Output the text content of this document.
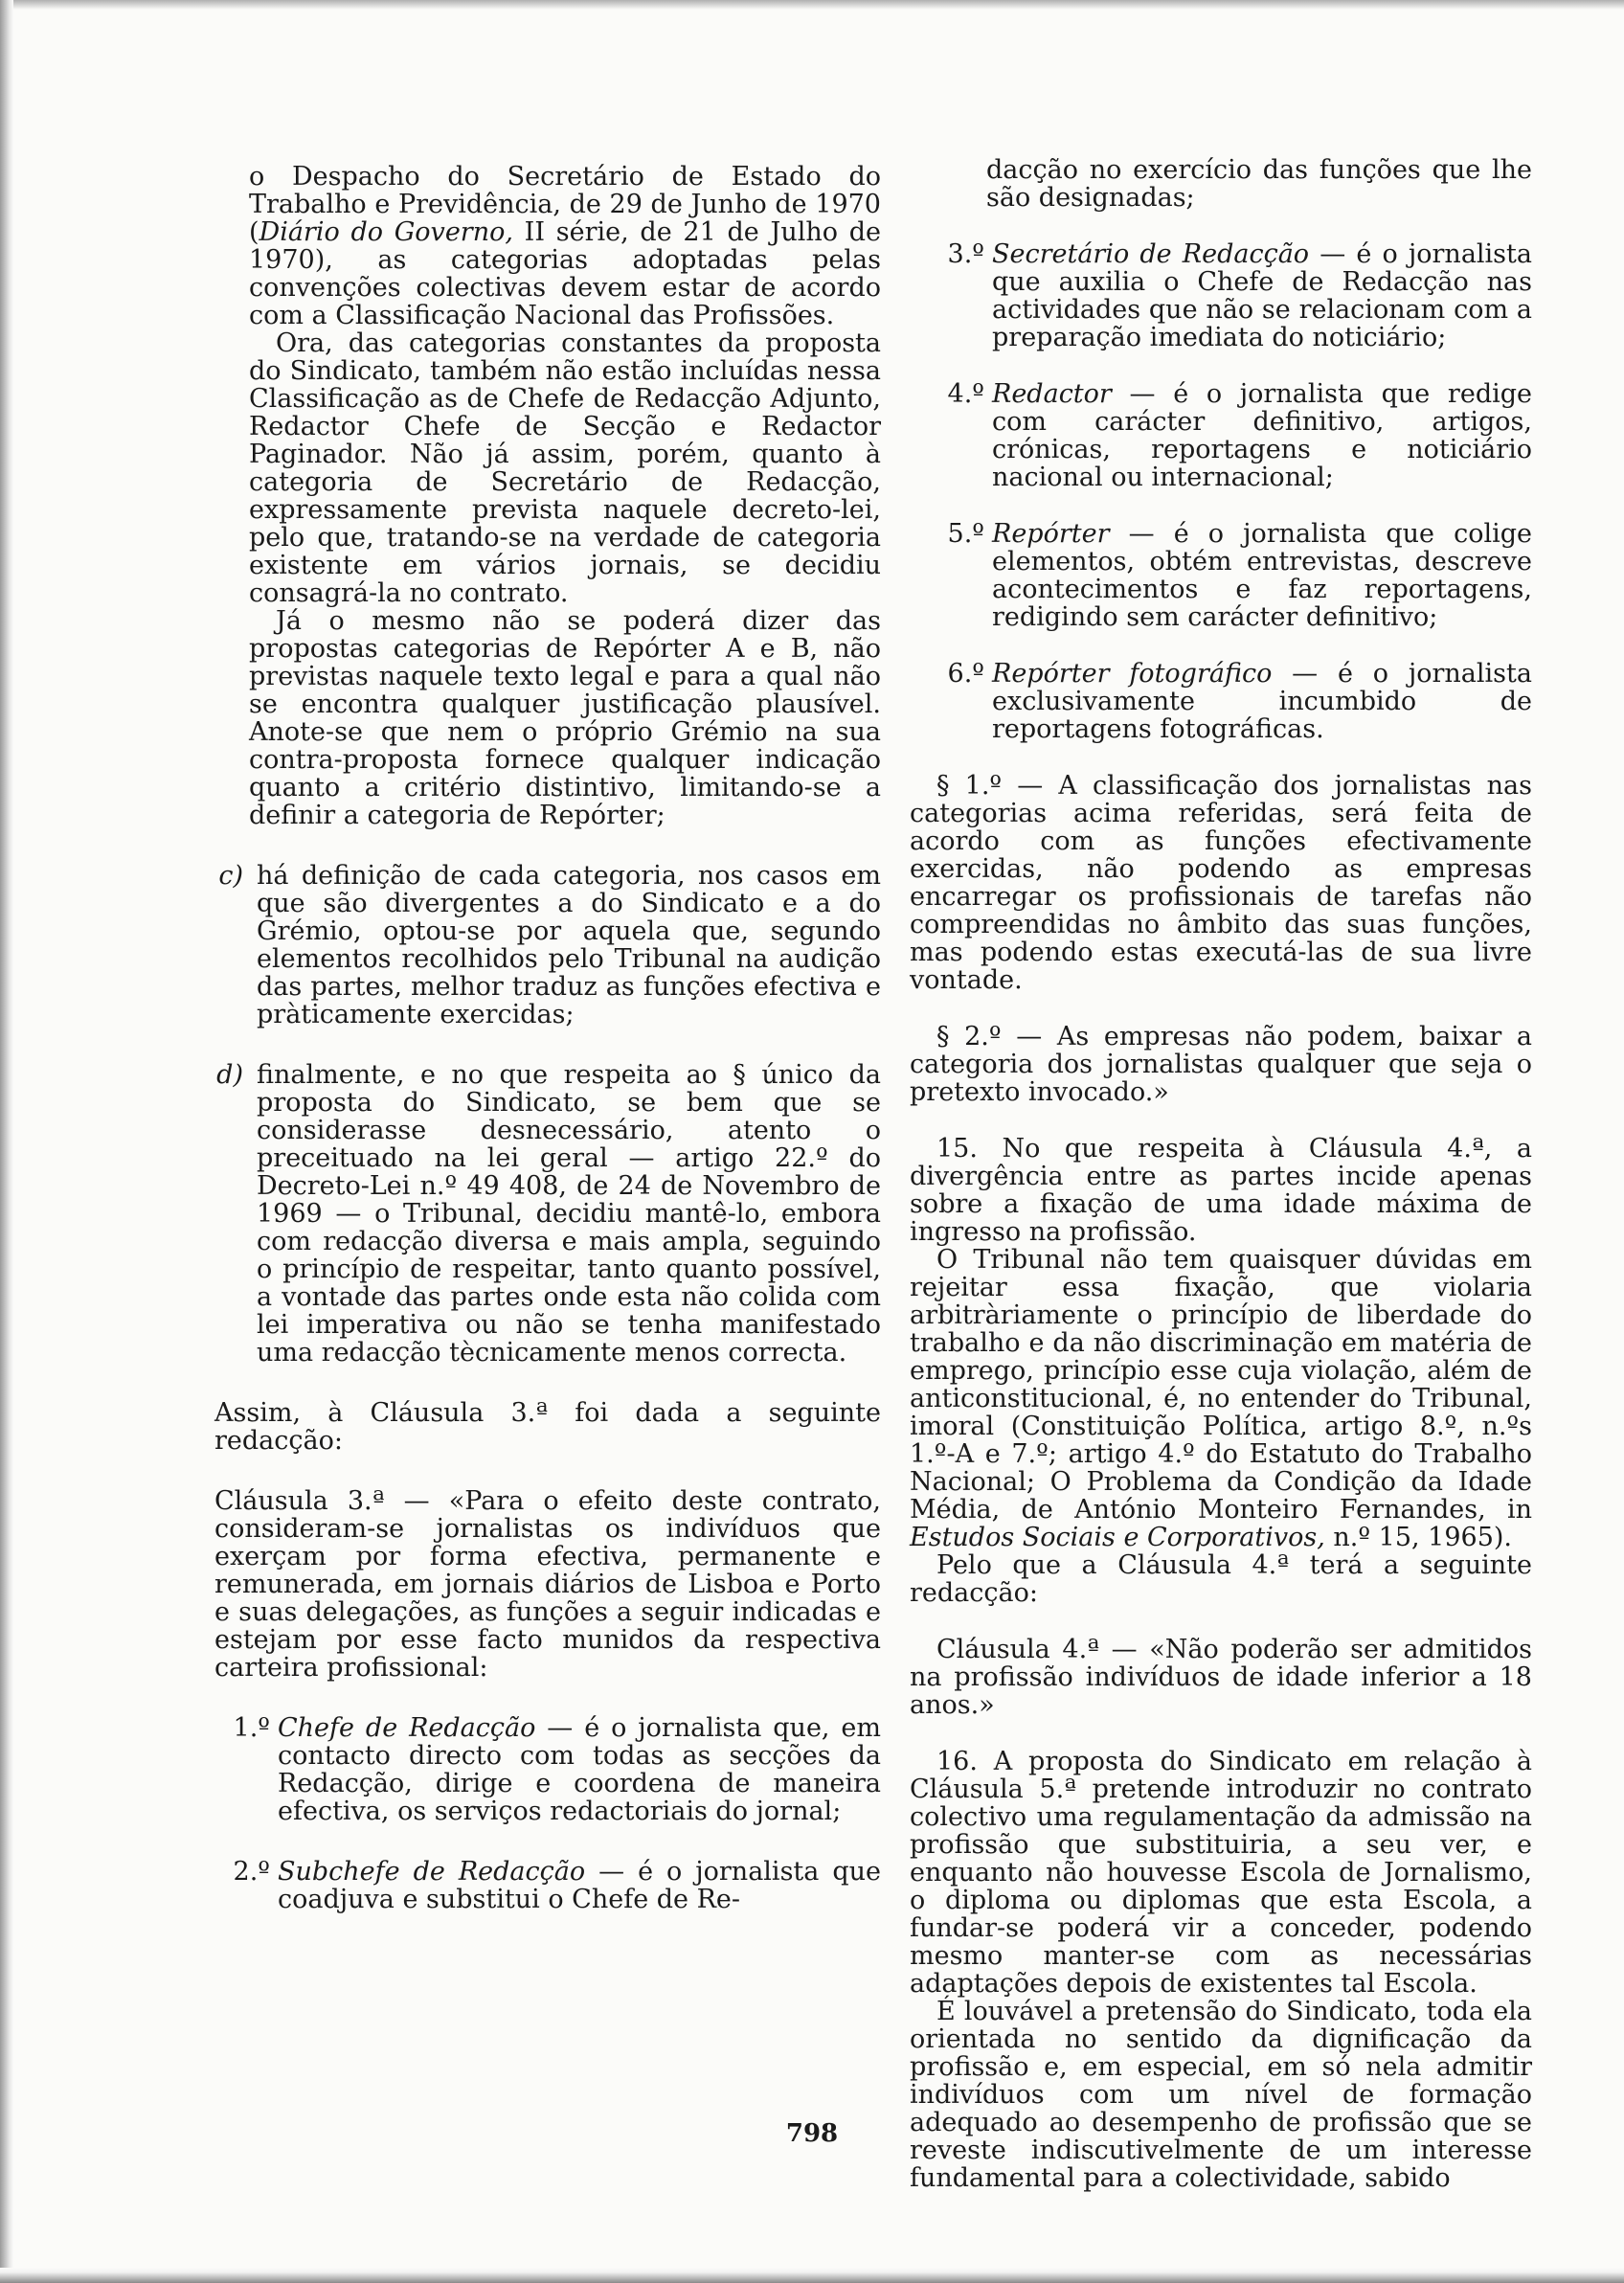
o Despacho do Secretário de Estado do Trabalho e Previdência, de 29 de Junho de 1970 (Diário do Governo, II série, de 21 de Julho de 1970), as categorias adoptadas pelas convenções colectivas devem estar de acordo com a Classificação Nacional das Profissões.

Ora, das categorias constantes da proposta do Sindicato, também não estão incluídas nessa Classificação as de Chefe de Redacção Adjunto, Redactor Chefe de Secção e Redactor Paginador. Não já assim, porém, quanto à categoria de Secretário de Redacção, expressamente prevista naquele decreto-lei, pelo que, tratando-se na verdade de categoria existente em vários jornais, se decidiu consagrá-la no contrato.

Já o mesmo não se poderá dizer das propostas categorias de Repórter A e B, não previstas naquele texto legal e para a qual não se encontra qualquer justificação plausível. Anote-se que nem o próprio Grémio na sua contra-proposta fornece qualquer indicação quanto a critério distintivo, limitando-se a definir a categoria de Repórter;

c) há definição de cada categoria, nos casos em que são divergentes a do Sindicato e a do Grémio, optou-se por aquela que, segundo elementos recolhidos pelo Tribunal na audição das partes, melhor traduz as funções efectiva e pràticamente exercidas;
d) finalmente, e no que respeita ao § único da proposta do Sindicato, se bem que se considerasse desnecessário, atento o preceituado na lei geral — artigo 22.º do Decreto-Lei n.º 49 408, de 24 de Novembro de 1969 — o Tribunal, decidiu mantê-lo, embora com redacção diversa e mais ampla, seguindo o princípio de respeitar, tanto quanto possível, a vontade das partes onde esta não colida com lei imperativa ou não se tenha manifestado uma redacção tècnicamente menos correcta.

Assim, à Cláusula 3.ª foi dada a seguinte redacção:

Cláusula 3.ª — «Para o efeito deste contrato, consideram-se jornalistas os indivíduos que exerçam por forma efectiva, permanente e remunerada, em jornais diários de Lisboa e Porto e suas delegações, as funções a seguir indicadas e estejam por esse facto munidos da respectiva carteira profissional:

1.º Chefe de Redacção — é o jornalista que, em contacto directo com todas as secções da Redacção, dirige e coordena de maneira efectiva, os serviços redactoriais do jornal;
2.º Subchefe de Redacção — é o jornalista que coadjuva e substitui o Chefe de Re-

dacção no exercício das funções que lhe são designadas;

3.º Secretário de Redacção — é o jornalista que auxilia o Chefe de Redacção nas actividades que não se relacionam com a preparação imediata do noticiário;
4.º Redactor — é o jornalista que redige com carácter definitivo, artigos, crónicas, reportagens e noticiário nacional ou internacional;
5.º Repórter — é o jornalista que colige elementos, obtém entrevistas, descreve acontecimentos e faz reportagens, redigindo sem carácter definitivo;
6.º Repórter fotográfico — é o jornalista exclusivamente incumbido de reportagens fotográficas.

§ 1.º — A classificação dos jornalistas nas categorias acima referidas, será feita de acordo com as funções efectivamente exercidas, não podendo as empresas encarregar os profissionais de tarefas não compreendidas no âmbito das suas funções, mas podendo estas executá-las de sua livre vontade.

§ 2.º — As empresas não podem, baixar a categoria dos jornalistas qualquer que seja o pretexto invocado.»

15. No que respeita à Cláusula 4.ª, a divergência entre as partes incide apenas sobre a fixação de uma idade máxima de ingresso na profissão.

O Tribunal não tem quaisquer dúvidas em rejeitar essa fixação, que violaria arbitràriamente o princípio de liberdade do trabalho e da não discriminação em matéria de emprego, princípio esse cuja violação, além de anticonstitucional, é, no entender do Tribunal, imoral (Constituição Política, artigo 8.º, n.ºs 1.º-A e 7.º; artigo 4.º do Estatuto do Trabalho Nacional; O Problema da Condição da Idade Média, de António Monteiro Fernandes, in Estudos Sociais e Corporativos, n.º 15, 1965).

Pelo que a Cláusula 4.ª terá a seguinte redacção:

Cláusula 4.ª — «Não poderão ser admitidos na profissão indivíduos de idade inferior a 18 anos.»

16. A proposta do Sindicato em relação à Cláusula 5.ª pretende introduzir no contrato colectivo uma regulamentação da admissão na profissão que substituiria, a seu ver, e enquanto não houvesse Escola de Jornalismo, o diploma ou diplomas que esta Escola, a fundar-se poderá vir a conceder, podendo mesmo manter-se com as necessárias adaptações depois de existentes tal Escola.

É louvável a pretensão do Sindicato, toda ela orientada no sentido da dignificação da profissão e, em especial, em só nela admitir indivíduos com um nível de formação adequado ao desempenho de profissão que se reveste indiscutivelmente de um interesse fundamental para a colectividade, sabido

798
